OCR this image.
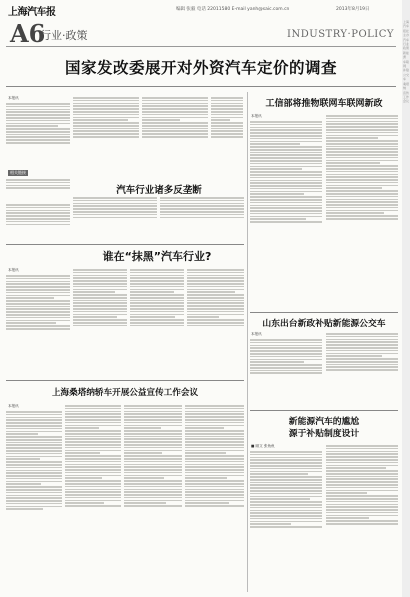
上海汽车报	编辑 张毅 电话 22011580 E-mail yanh@saic.com.cn	2013年8月19日
A6
行业·政策	INDUSTRY·POLICY
国家发改委展开对外资汽车定价的调查
本报讯
相关链接
汽车行业诸多反垄断
谁在“抹黑”汽车行业?
本报讯
上海桑塔纳轿车开展公益宣传工作会议
本报讯
工信部将推物联网车联网新政
本报讯
山东出台新政补贴新能源公交车
本报讯
新能源汽车的尴尬
源于补贴制度设计
■ 顾文 张鱼鱼
上海汽车报社主办 汽车行业 政策 新能源 车联网 补贴 公交车 桑塔纳 宣传 工作 会议
